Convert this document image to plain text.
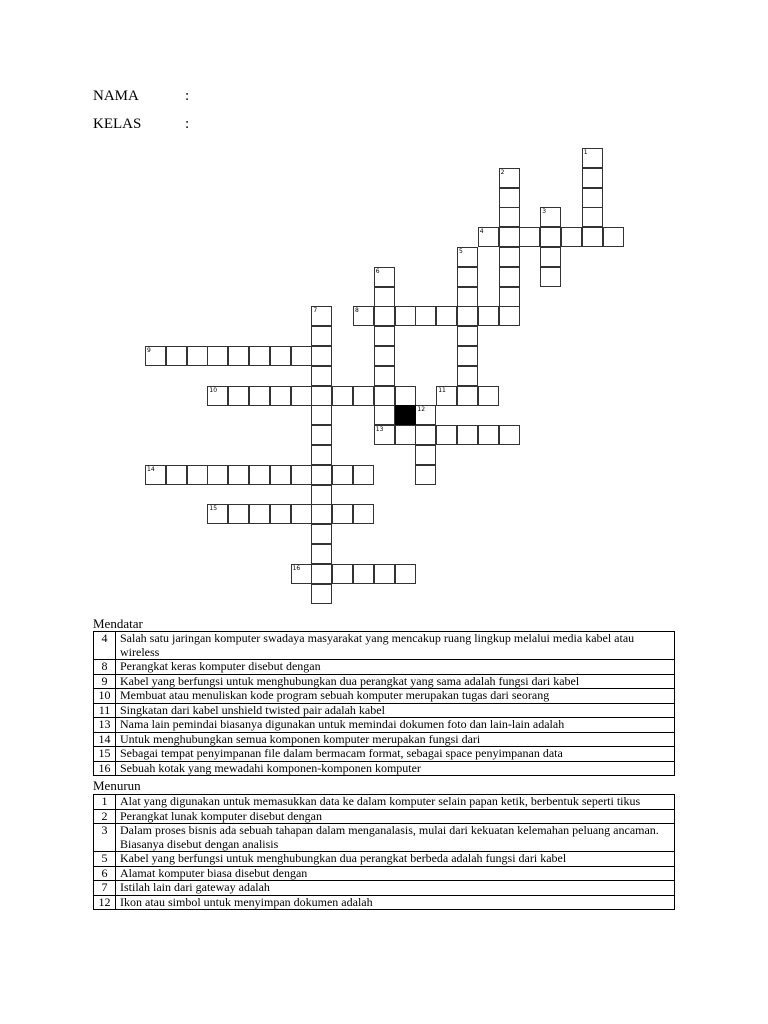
NAMA	:
KELAS	:
1
2
3
4
5
6
7	8
9
10	11
12
13
14
15
16
Mendatar
4	Salah satu jaringan komputer swadaya masyarakat yang mencakup ruang lingkup melalui media kabel atau wireless
8	Perangkat keras komputer disebut dengan
9	Kabel yang berfungsi untuk menghubungkan dua perangkat yang sama adalah fungsi dari kabel
10	Membuat atau menuliskan kode program sebuah komputer merupakan tugas dari seorang
11	Singkatan dari kabel unshield twisted pair adalah kabel
13	Nama lain pemindai biasanya digunakan untuk memindai dokumen foto dan lain-lain adalah
14	Untuk menghubungkan semua komponen komputer merupakan fungsi dari
15	Sebagai tempat penyimpanan file dalam bermacam format, sebagai space penyimpanan data
16	Sebuah kotak yang mewadahi komponen-komponen komputer
Menurun
1	Alat yang digunakan untuk memasukkan data ke dalam komputer selain papan ketik, berbentuk seperti tikus
2	Perangkat lunak komputer disebut dengan
3	Dalam proses bisnis ada sebuah tahapan dalam menganalasis, mulai dari kekuatan kelemahan peluang ancaman. Biasanya disebut dengan analisis
5	Kabel yang berfungsi untuk menghubungkan dua perangkat berbeda adalah fungsi dari kabel
6	Alamat komputer biasa disebut dengan
7	Istilah lain dari gateway adalah
12	Ikon atau simbol untuk menyimpan dokumen adalah
